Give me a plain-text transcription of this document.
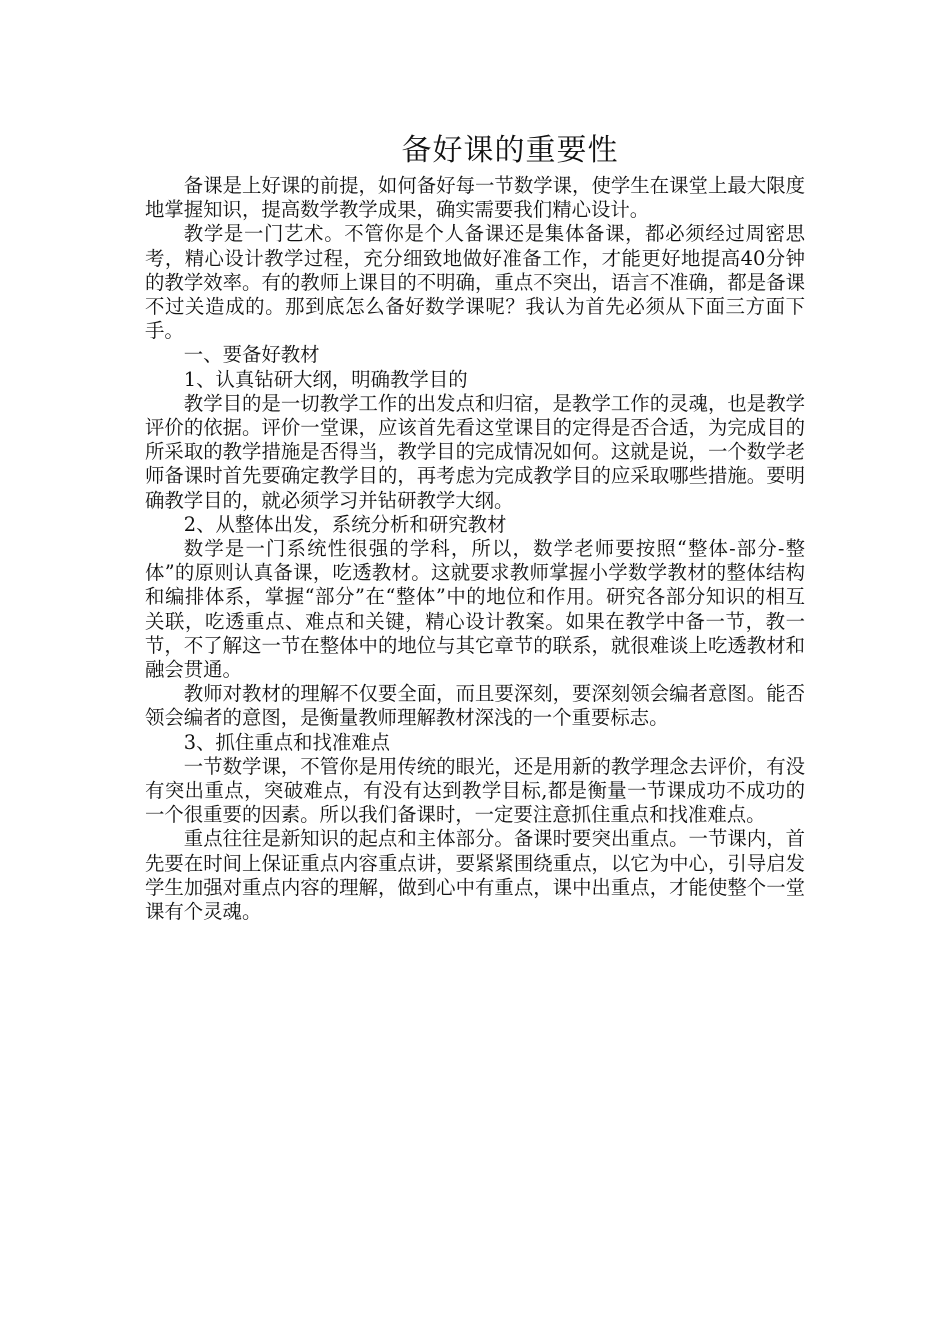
备好课的重要性

备课是上好课的前提，如何备好每一节数学课，使学生在课堂上最大限度地掌握知识，提高数学教学成果，确实需要我们精心设计。

教学是一门艺术。不管你是个人备课还是集体备课，都必须经过周密思考，精心设计教学过程，充分细致地做好准备工作，才能更好地提高40分钟的教学效率。有的教师上课目的不明确，重点不突出，语言不准确，都是备课不过关造成的。那到底怎么备好数学课呢？我认为首先必须从下面三方面下手。

一、要备好教材

1、认真钻研大纲，明确教学目的

教学目的是一切教学工作的出发点和归宿，是教学工作的灵魂，也是教学评价的依据。评价一堂课，应该首先看这堂课目的定得是否合适，为完成目的所采取的教学措施是否得当，教学目的完成情况如何。这就是说，一个数学老师备课时首先要确定教学目的，再考虑为完成教学目的应采取哪些措施。要明确教学目的，就必须学习并钻研教学大纲。

2、从整体出发，系统分析和研究教材

数学是一门系统性很强的学科，所以，数学老师要按照“整体-部分-整体”的原则认真备课，吃透教材。这就要求教师掌握小学数学教材的整体结构和编排体系，掌握“部分”在“整体”中的地位和作用。研究各部分知识的相互关联，吃透重点、难点和关键，精心设计教案。如果在教学中备一节，教一节，不了解这一节在整体中的地位与其它章节的联系，就很难谈上吃透教材和融会贯通。

教师对教材的理解不仅要全面，而且要深刻，要深刻领会编者意图。能否领会编者的意图，是衡量教师理解教材深浅的一个重要标志。

3、抓住重点和找准难点

一节数学课，不管你是用传统的眼光，还是用新的教学理念去评价，有没有突出重点，突破难点，有没有达到教学目标,都是衡量一节课成功不成功的一个很重要的因素。所以我们备课时，一定要注意抓住重点和找准难点。

重点往往是新知识的起点和主体部分。备课时要突出重点。一节课内，首先要在时间上保证重点内容重点讲，要紧紧围绕重点，以它为中心，引导启发学生加强对重点内容的理解，做到心中有重点，课中出重点，才能使整个一堂课有个灵魂。
